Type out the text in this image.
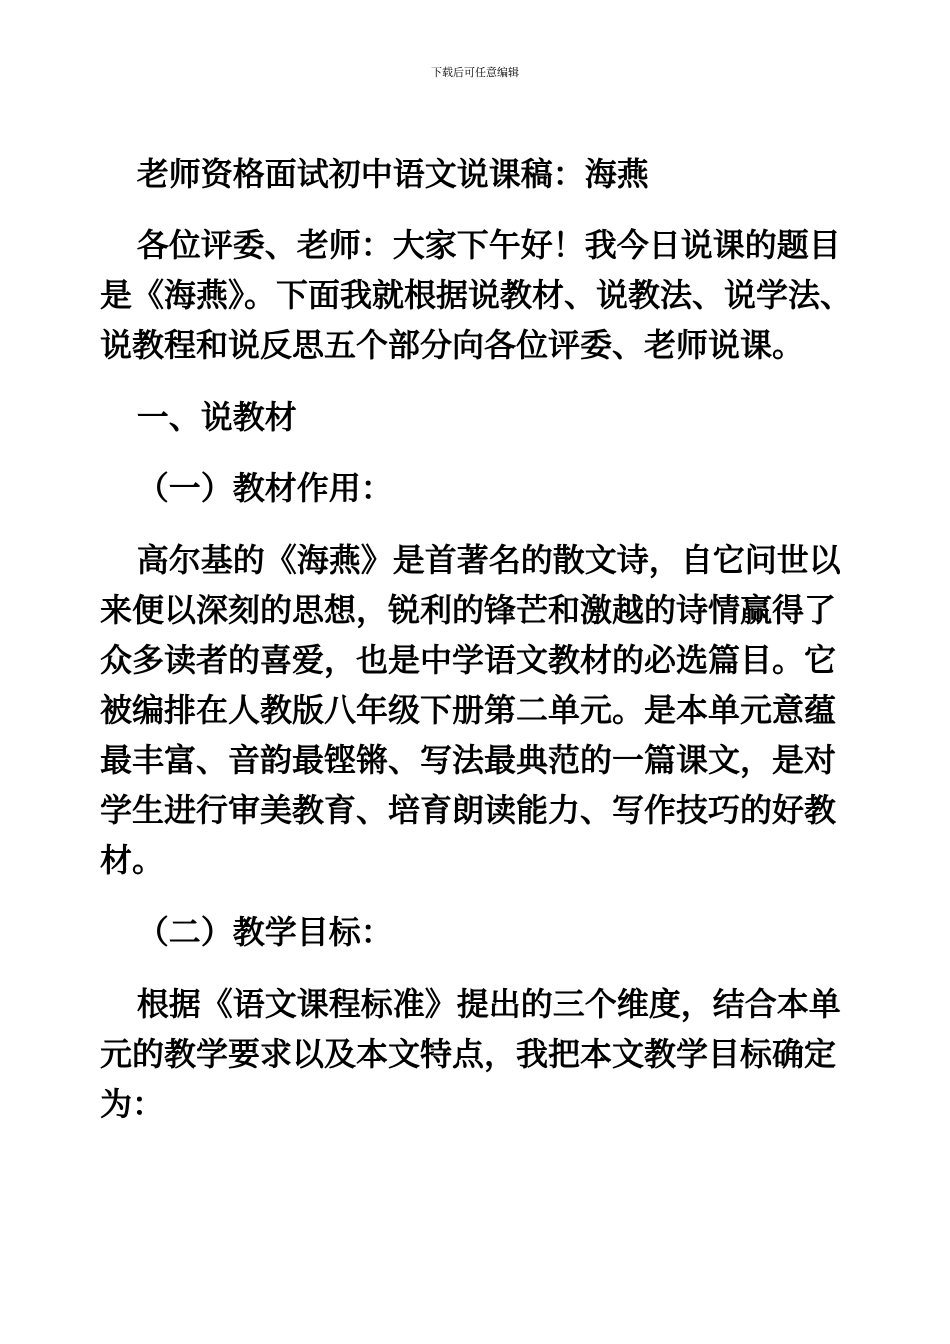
下载后可任意编辑

老师资格面试初中语文说课稿：海燕

各位评委、老师：大家下午好！我今日说课的题目是《海燕》。下面我就根据说教材、说教法、说学法、说教程和说反思五个部分向各位评委、老师说课。

一、说教材

（一）教材作用：

高尔基的《海燕》是首著名的散文诗，自它问世以来便以深刻的思想，锐利的锋芒和激越的诗情赢得了众多读者的喜爱，也是中学语文教材的必选篇目。它被编排在人教版八年级下册第二单元。是本单元意蕴最丰富、音韵最铿锵、写法最典范的一篇课文，是对学生进行审美教育、培育朗读能力、写作技巧的好教材。

（二）教学目标：

根据《语文课程标准》提出的三个维度，结合本单元的教学要求以及本文特点，我把本文教学目标确定为：
